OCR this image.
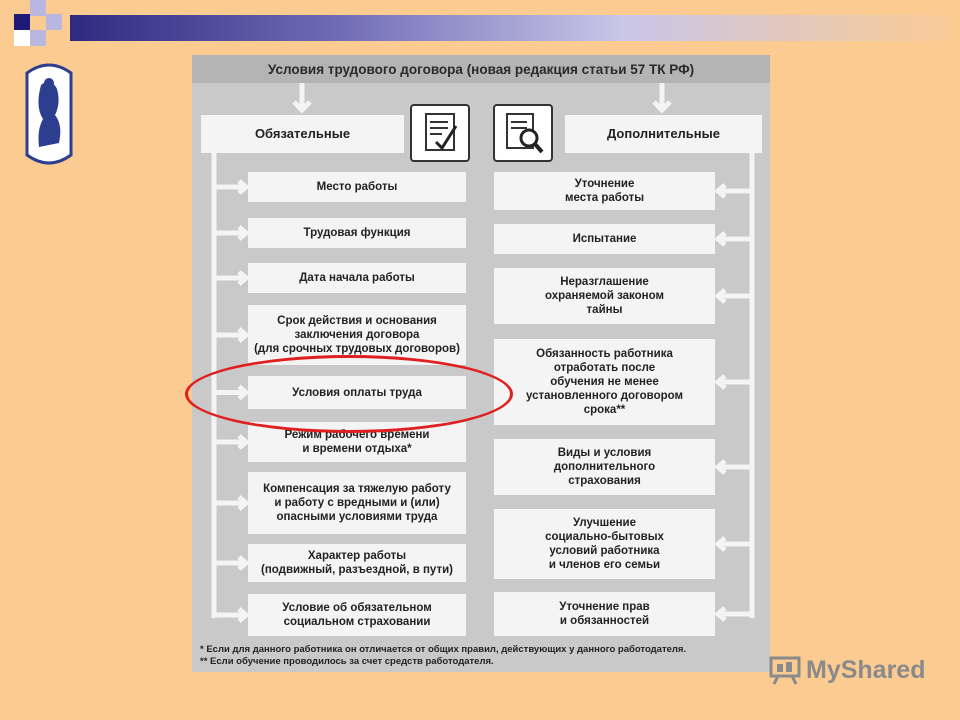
Условия трудового договора (новая редакция статьи 57 ТК РФ)
Обязательные	Дополнительные
Место работы
Трудовая функция
Дата начала работы
Срок действия и основания
заключения договора
(для срочных трудовых договоров)
Условия оплаты труда
Режим рабочего времени
и времени отдыха*
Компенсация за тяжелую работу
и работу с вредными и (или)
опасными условиями труда
Характер работы
(подвижный, разъездной, в пути)
Условие об обязательном
социальном страховании
Уточнение
места работы
Испытание
Неразглашение
охраняемой законом
тайны
Обязанность работника
отработать после
обучения не менее
установленного договором
срока**
Виды и условия
дополнительного
страхования
Улучшение
социально-бытовых
условий работника
и членов его семьи
Уточнение прав
и обязанностей
* Если для данного работника он отличается от общих правил, действующих у данного работодателя.
** Если обучение проводилось за счет средств работодателя.	MyShared
